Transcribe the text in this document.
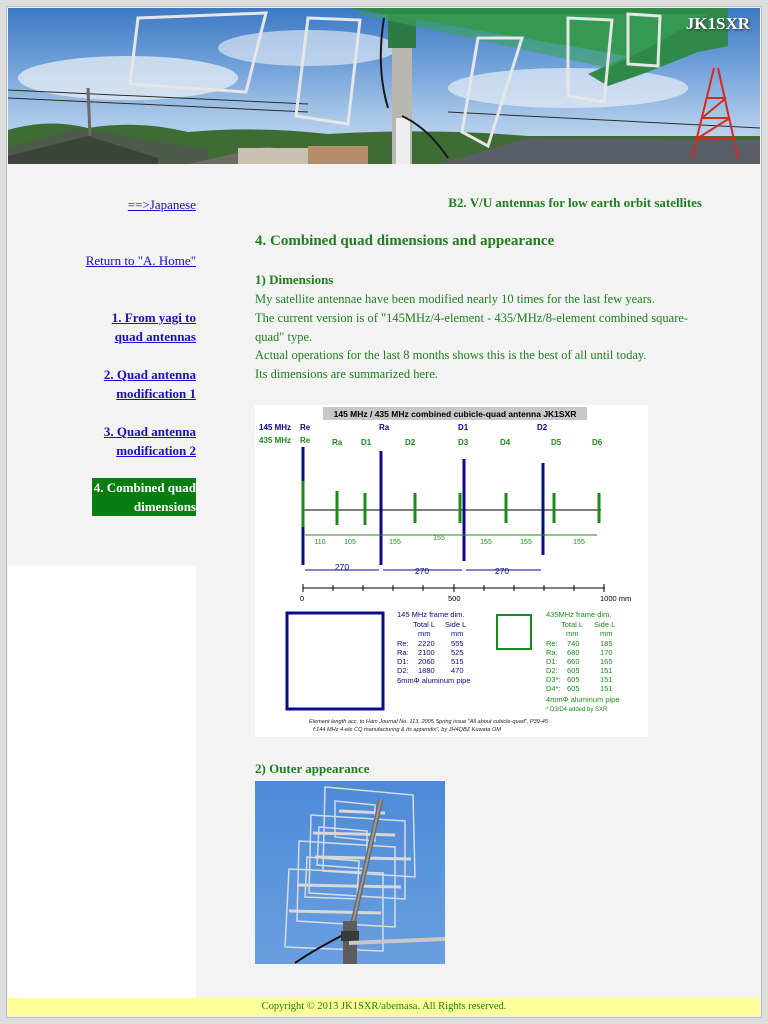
JK1SXR
==>Japanese
Return to "A. Home"
1. From yagi to
quad antennas
2. Quad antenna
modification 1
3. Quad antenna
modification 2
4. Combined quad
dimensions
B2. V/U antennas for low earth orbit satellites
4. Combined quad dimensions and appearance
1) Dimensions

My satellite antennae have been modified nearly 10 times for the last few years.

The current version is of "145MHz/4-element - 435/MHz/8-element combined square-

quad" type.

Actual operations for the last 8 months shows this is the best of all until today.

Its dimensions are summarized here.

2) Outer appearance
145 MHz / 435 MHz combined cubicle-quad antenna JK1SXR
145 MHz
435 MHz
Re	Ra	D1	D2
Re	Ra D1	D2	D3	D4	D5	D6
110	105	155
155
155	155	155
270	270	270
0	500	1000 mm
145 MHz frame dim.
Total L Side L
mm	mm
Re: 2220 555
Ra: 2100 525
D1: 2060 515
D2: 1880 470
6mmΦ aluminum pipe
435MHz frame dim.
Total L Side L
mm	mm
Re: 740	185
Ra: 680	170
D1: 660	165
D2: 605	151
D3*: 605	151
D4*: 605	151
4mmΦ aluminum pipe
* D3/D4 added by SXR
Element length acc. to Ham Journal No. 113, 2005 Spring issue "All about cubicle-quad", P39-45
f:144 MHz 4-ele CQ manufacturing & its appendix", by JH4QBZ Kuwata OM
Copyright © 2013 JK1SXR/abemasa. All Rights reserved.
